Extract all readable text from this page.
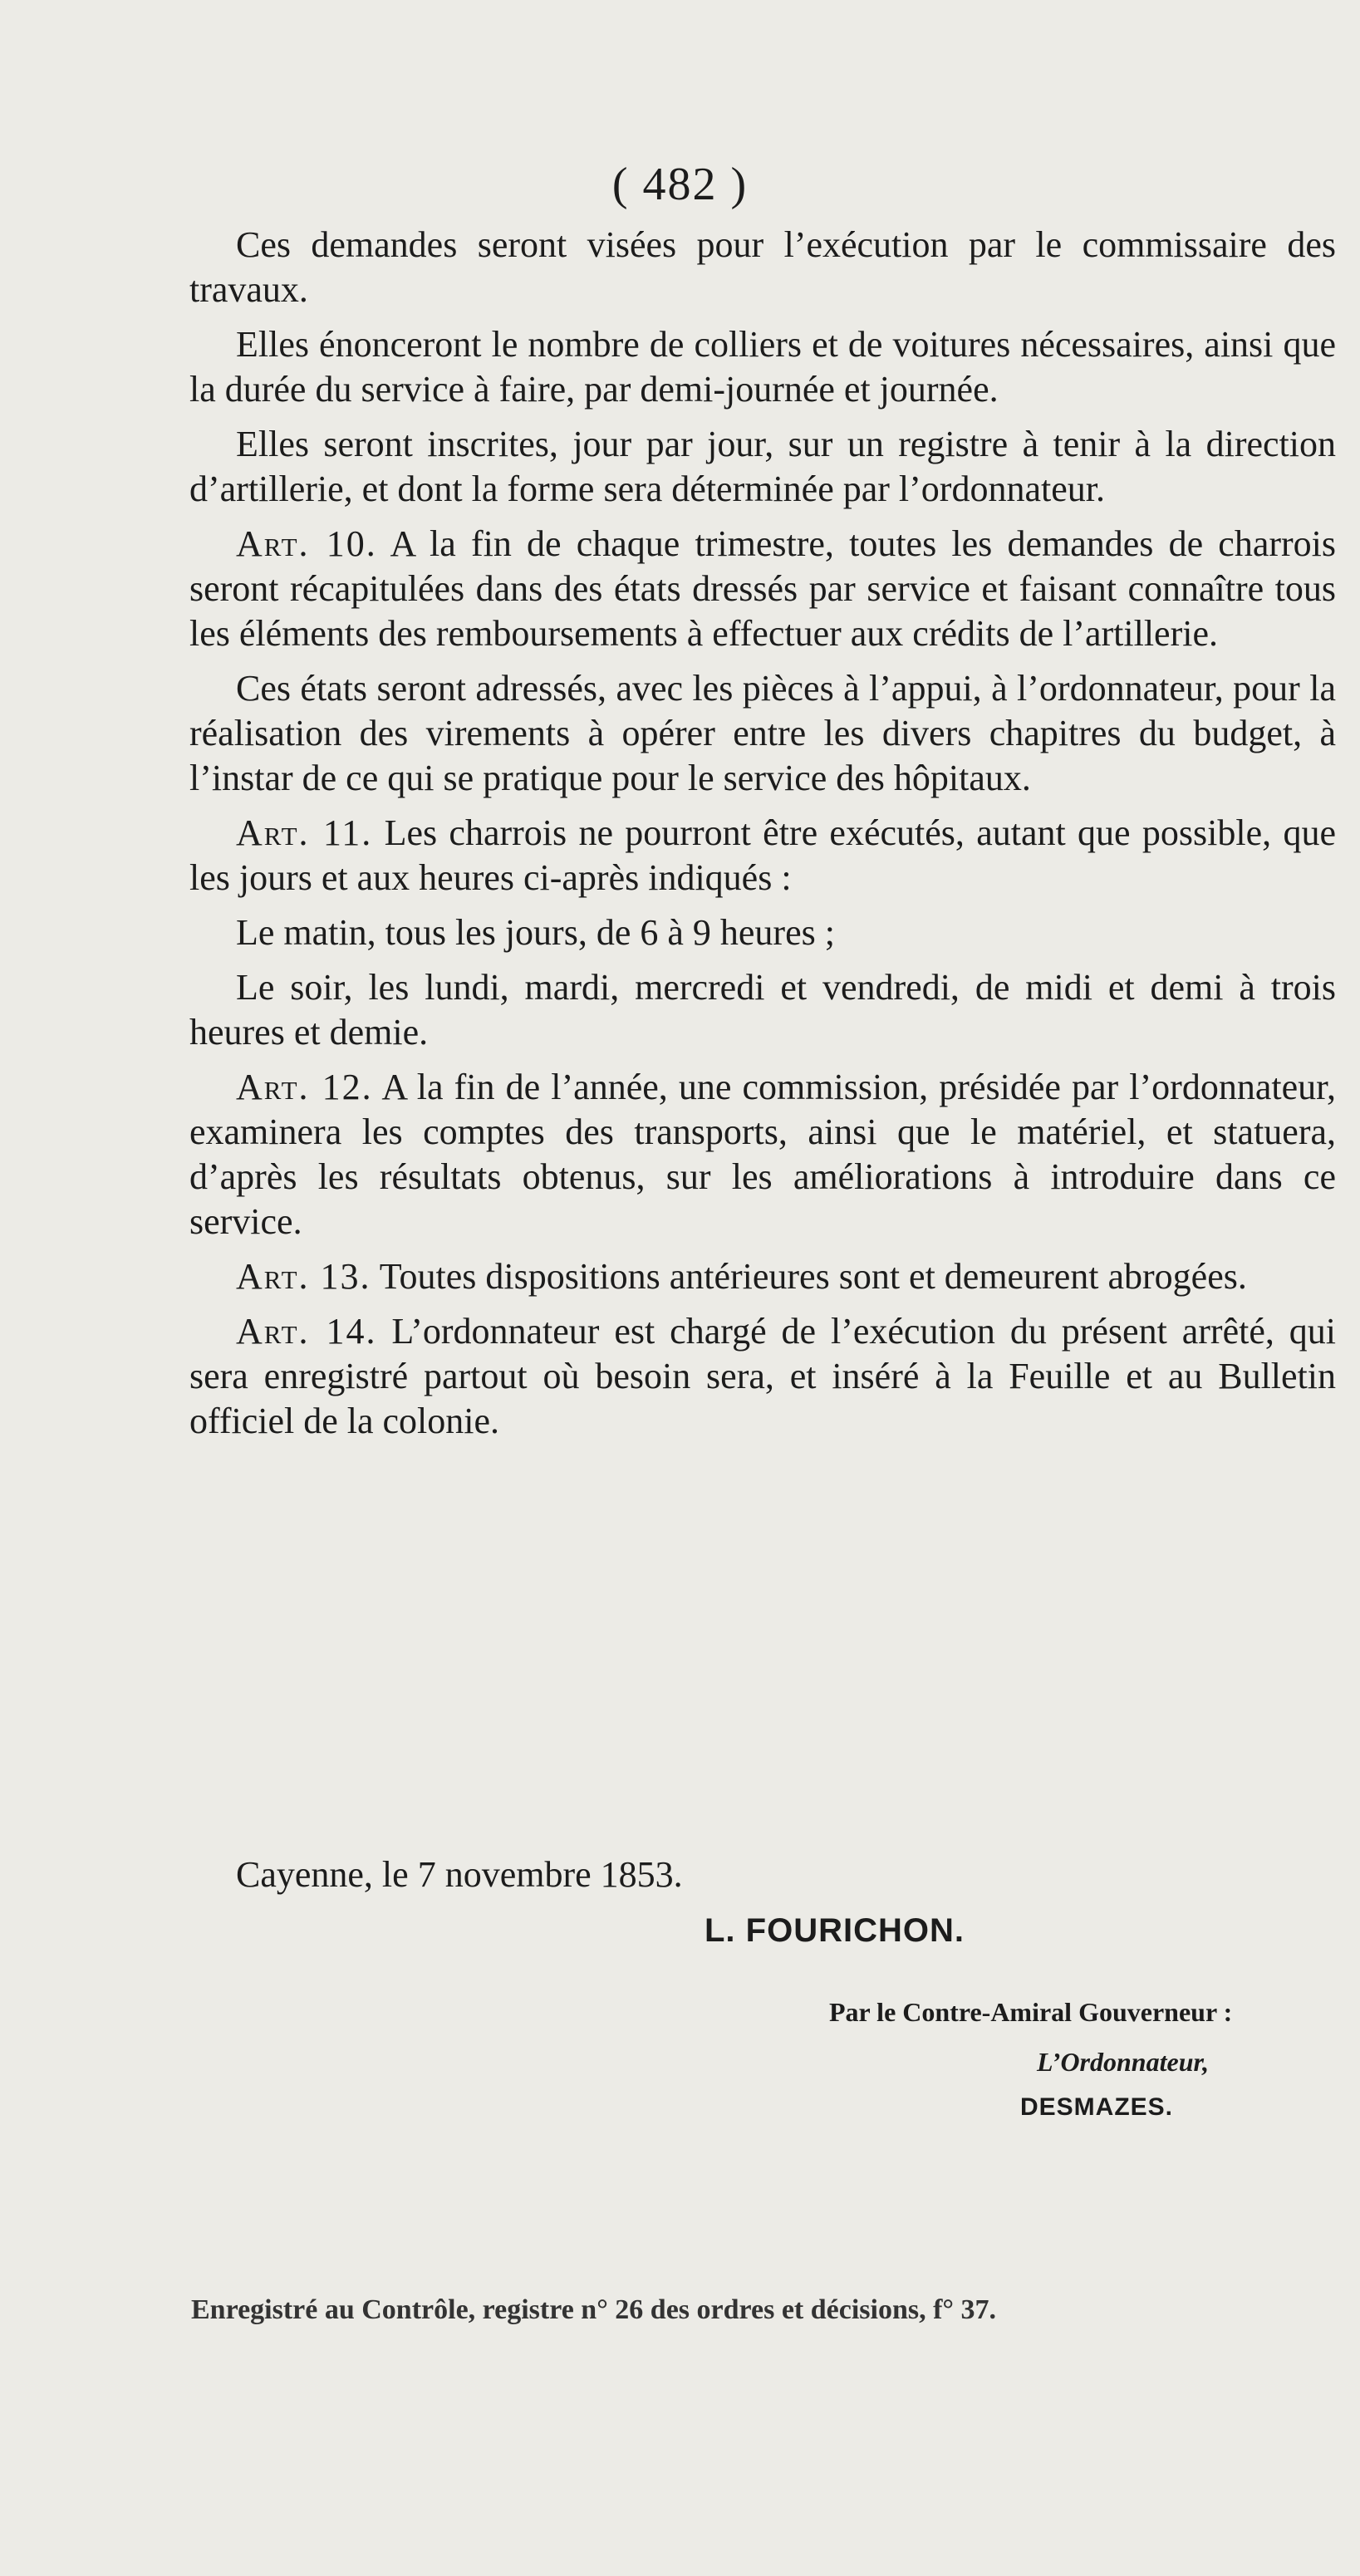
( 482 )

Ces demandes seront visées pour l’exécution par le commissaire des travaux.

Elles énonceront le nombre de colliers et de voitures nécessaires, ainsi que la durée du service à faire, par demi-journée et journée.

Elles seront inscrites, jour par jour, sur un registre à tenir à la direction d’artillerie, et dont la forme sera déterminée par l’ordonnateur.

Art. 10. A la fin de chaque trimestre, toutes les demandes de charrois seront récapitulées dans des états dressés par service et faisant connaître tous les éléments des remboursements à effectuer aux crédits de l’artillerie.

Ces états seront adressés, avec les pièces à l’appui, à l’ordonnateur, pour la réalisation des virements à opérer entre les divers chapitres du budget, à l’instar de ce qui se pratique pour le service des hôpitaux.

Art. 11. Les charrois ne pourront être exécutés, autant que possible, que les jours et aux heures ci-après indiqués :

Le matin, tous les jours, de 6 à 9 heures ;

Le soir, les lundi, mardi, mercredi et vendredi, de midi et demi à trois heures et demie.

Art. 12. A la fin de l’année, une commission, présidée par l’ordonnateur, examinera les comptes des transports, ainsi que le matériel, et statuera, d’après les résultats obtenus, sur les améliorations à introduire dans ce service.

Art. 13. Toutes dispositions antérieures sont et demeurent abrogées.

Art. 14. L’ordonnateur est chargé de l’exécution du présent arrêté, qui sera enregistré partout où besoin sera, et inséré à la Feuille et au Bulletin officiel de la colonie.

Cayenne, le 7 novembre 1853.

L. FOURICHON.
Par le Contre-Amiral Gouverneur :
L’Ordonnateur,
DESMAZES.
Enregistré au Contrôle, registre n° 26 des ordres et décisions, f° 37.
